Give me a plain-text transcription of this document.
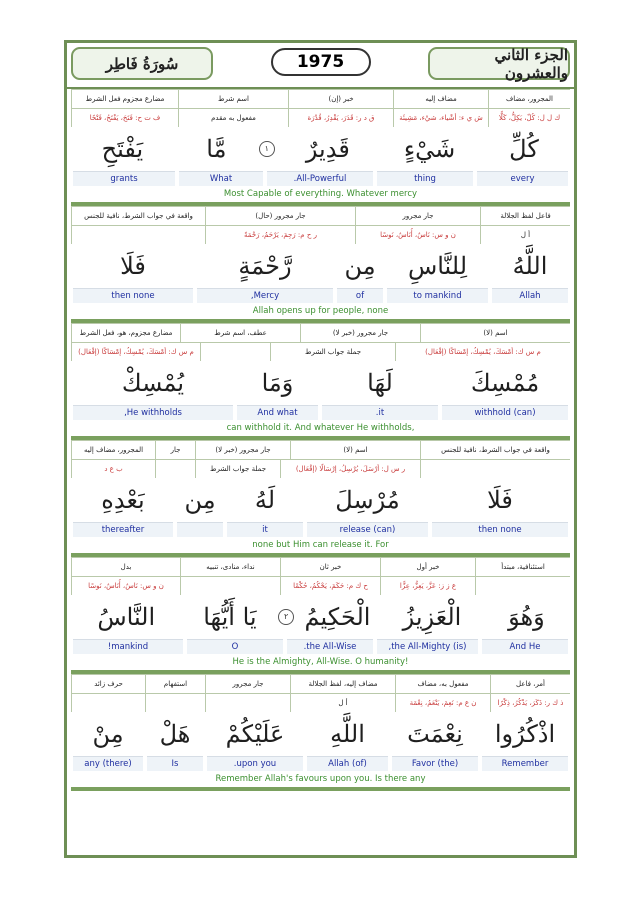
سُورَةُ فَاطِر	1975	الجزء الثاني والعشرون
المجرور، مضاف
مضاف إليه
خبر (إن)
اسم شرط
مضارع مجزوم فعل الشرط
ك ل ل: كُلّ، يَكِلُّ، كَلًّا
ش ي ء: أشْياء، شيْء، مَشِيئَة
ق د ر: قَدَرَ، يَقْدِرُ، قُدْرَة
مفعول به مقدم
ف ت ح: فَتَحَ، يَفْتَحُ، فَتْحًا
كُلِّ
شَيْءٍ
قَدِيرٌ
١
مَّا
يَفْتَحِ
every
thing
All-Powerful.
What
grants
Most Capable of everything. Whatever mercy
فاعل لفظ الجلالة
جار مجرور
جار مجرور (حال)
واقعة في جواب الشرط، نافية للجنس
أ ل
ن و س: نَاسٌ، أُنَاسٌ، نَوسًا
ر ح م: رَحِمَ، يَرْحَمُ، رَحْمَةً
اللَّهُ
لِلنَّاسِ
مِن
رَّحْمَةٍ
فَلَا
Allah
to mankind
of
Mercy,
then none
Allah opens up for people, none
اسم (لا)
جار مجرور (خبر لا)
عطف، اسم شرط
مضارع مجزوم، هو، فعل الشرط
م س ك: أمْسَكَ، يُمْسِكُ، إمْسَاكًا (إفْعَال)
جملة جواب الشرط
م س ك: أمْسَكَ، يُمْسِكُ، إمْسَاكًا (إفْعَال)
مُمْسِكَ
لَهَا
وَمَا
يُمْسِكْ
(can) withhold
it.
And what
He withholds,
can withhold it. And whatever He withholds,
واقعة في جواب الشرط، نافية للجنس
اسم (لا)
جار مجرور (خبر لا)
جار
المجرور، مضاف إليه
ر س ل: أرْسَلَ، يُرْسِلُ، إرْسَالًا (إفْعَال)
جملة جواب الشرط
ب ع د
فَلَا
مُرْسِلَ
لَهُ
مِن
بَعْدِهِ
then none
(can) release
it
thereafter
none but Him can release it. For
استئنافية، مبتدأ
خبر أول
خبر ثان
نداء، منادى، تنبيه
بدل
ع ز ز: عَزَّ، يَعِزُّ، عِزًّا
ح ك م: حَكَمَ، يَحْكُمُ، حُكْمًا
ن و س: نَاسٌ، أُنَاسٌ، نَوسًا
وَهُوَ
الْعَزِيزُ
الْحَكِيمُ
٢
يَا أَيُّهَا
النَّاسُ
And He
(is) the All-Mighty,
the All-Wise.
O
mankind!
He is the Almighty, All-Wise. O humanity!
أمر، فاعل
مفعول به، مضاف
مضاف إليه، لفظ الجلالة
جار مجرور
استفهام
حرف زائد
ذ ك ر: ذَكَرَ، يَذْكُرُ، ذِكْرًا
ن ع م: نَعِمَ، يَنْعَمُ، نِعْمَة
أ ل
اذْكُرُوا
نِعْمَتَ
اللَّهِ
عَلَيْكُمْ
هَلْ
مِنْ
Remember
(the) Favor
(of) Allah
upon you.
Is
(there) any
Remember Allah's favours upon you. Is there any
